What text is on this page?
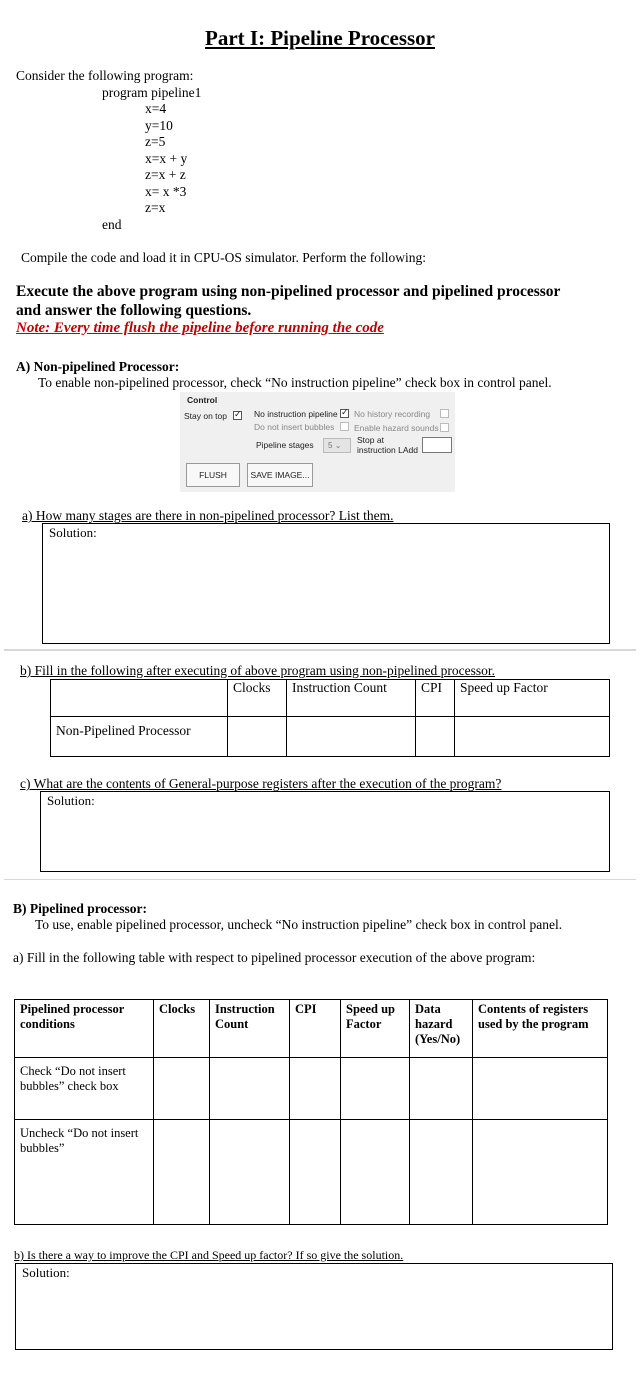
Part I: Pipeline Processor
Consider the following program:
program pipeline1
x=4
y=10
z=5
x=x + y
z=x + z
x= x *3
z=x
end
Compile the code and load it in CPU-OS simulator. Perform the following:
Execute the above program using non-pipelined processor and pipelined processor
and answer the following questions.
Note: Every time flush the pipeline before running the code
A) Non-pipelined Processor:
To enable non-pipelined processor, check “No instruction pipeline” check box in control panel.
Control
Stay on top ✓	No instruction pipeline ✓ No history recording
Do not insert bubbles Enable hazard sounds
Pipeline stages	5 ⌄
Stop at
instruction LAdd
FLUSH	SAVE IMAGE...
a) How many stages are there in non-pipelined processor? List them.
Solution:
b) Fill in the following after executing of above program using non-pipelined processor.
	Clocks	Instruction Count	CPI	Speed up Factor
Non-Pipelined Processor				
c) What are the contents of General-purpose registers after the execution of the program?
Solution:
B) Pipelined processor:
To use, enable pipelined processor, uncheck “No instruction pipeline” check box in control panel.
a) Fill in the following table with respect to pipelined processor execution of the above program:
Pipelined processor conditions	Clocks	Instruction Count	CPI	Speed up Factor	Data hazard (Yes/No)	Contents of registers used by the program
Check “Do not insert bubbles” check box						
Uncheck “Do not insert bubbles”						
b) Is there a way to improve the CPI and Speed up factor? If so give the solution.
Solution:
